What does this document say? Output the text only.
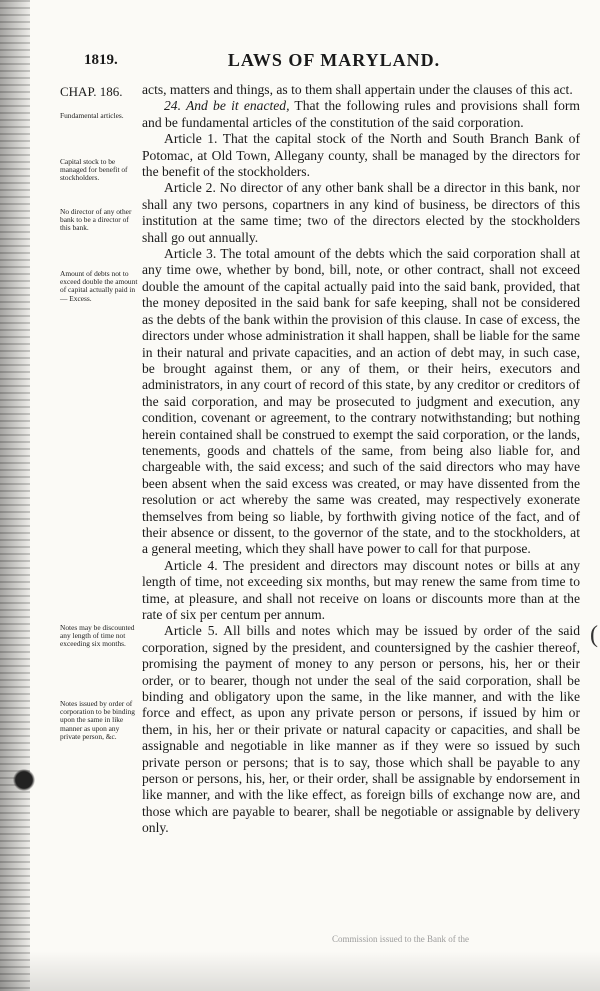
(
1819.	LAWS OF MARYLAND.
CHAP. 186.
Fundamental articles.
Capital stock to be managed for benefit of stockholders.
No director of any other bank to be a director of this bank.
Amount of debts not to exceed double the amount of capital actually paid in— Excess.
Notes may be discounted any length of time not exceeding six months.
Notes issued by order of corporation to be binding upon the same in like manner as upon any private person, &c.

acts, matters and things, as to them shall appertain under the clauses of this act.

24. And be it enacted, That the following rules and provisions shall form and be fundamental articles of the constitution of the said corporation.

Article 1. That the capital stock of the North and South Branch Bank of Potomac, at Old Town, Allegany county, shall be managed by the directors for the benefit of the stockholders.

Article 2. No director of any other bank shall be a director in this bank, nor shall any two persons, copartners in any kind of business, be directors of this institution at the same time; two of the directors elected by the stockholders shall go out annually.

Article 3. The total amount of the debts which the said corporation shall at any time owe, whether by bond, bill, note, or other contract, shall not exceed double the amount of the capital actually paid into the said bank, provided, that the money deposited in the said bank for safe keeping, shall not be considered as the debts of the bank within the provision of this clause. In case of excess, the directors under whose administration it shall happen, shall be liable for the same in their natural and private capacities, and an action of debt may, in such case, be brought against them, or any of them, or their heirs, executors and administrators, in any court of record of this state, by any creditor or creditors of the said corporation, and may be prosecuted to judgment and execution, any condition, covenant or agreement, to the contrary notwithstanding; but nothing herein contained shall be construed to exempt the said corporation, or the lands, tenements, goods and chattels of the same, from being also liable for, and chargeable with, the said excess; and such of the said directors who may have been absent when the said excess was created, or may have dissented from the resolution or act whereby the same was created, may respectively exonerate themselves from being so liable, by forthwith giving notice of the fact, and of their absence or dissent, to the governor of the state, and to the stockholders, at a general meeting, which they shall have power to call for that purpose.

Article 4. The president and directors may discount notes or bills at any length of time, not exceeding six months, but may renew the same from time to time, at pleasure, and shall not receive on loans or discounts more than at the rate of six per centum per annum.

Article 5. All bills and notes which may be issued by order of the said corporation, signed by the president, and countersigned by the cashier thereof, promising the payment of money to any person or persons, his, her or their order, or to bearer, though not under the seal of the said corporation, shall be binding and obligatory upon the same, in the like manner, and with the like force and effect, as upon any private person or persons, if issued by him or them, in his, her or their private or natural capacity or capacities, and shall be assignable and negotiable in like manner as if they were so issued by such private person or persons; that is to say, those which shall be payable to any person or persons, his, her, or their order, shall be assignable by endorsement in like manner, and with the like effect, as foreign bills of exchange now are, and those which are payable to bearer, shall be negotiable or assignable by delivery only.

Commission issued to the Bank of the
